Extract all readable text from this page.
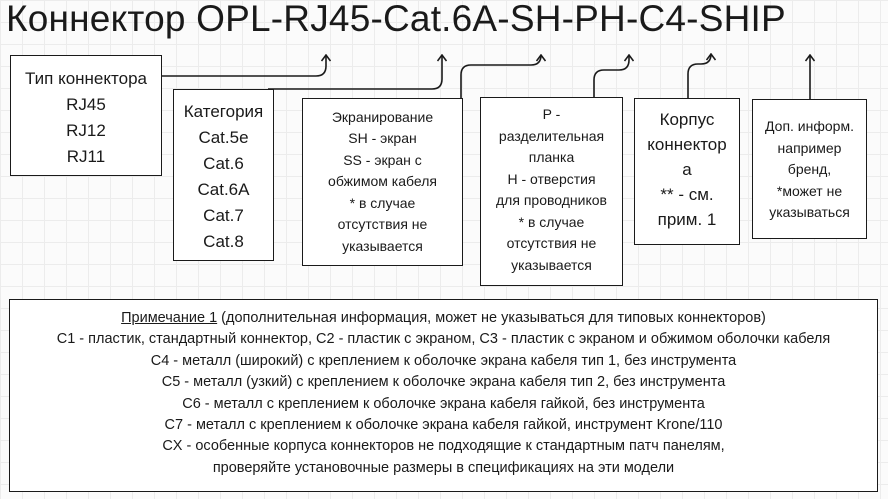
Коннектор OPL-RJ45-Cat.6A-SH-PH-C4-SHIP
Тип коннектора
RJ45
RJ12
RJ11
Категория
Cat.5e
Cat.6
Cat.6A
Cat.7
Cat.8
Экранирование
SH - экран
SS - экран с
обжимом кабеля
* в случае
отсутствия не
указывается
P -
разделительная
планка
H - отверстия
для проводников
* в случае
отсутствия не
указывается
Корпус
коннектор
а
** - см.
прим. 1
Доп. информ.
например
бренд,
*может не
указываться
Примечание 1 (дополнительная информация, может не указываться для типовых коннекторов)
C1 - пластик, стандартный коннектор, C2 - пластик с экраном, C3 - пластик с экраном и обжимом оболочки кабеля
C4 - металл (широкий) с креплением к оболочке экрана кабеля тип 1, без инструмента
C5 - металл (узкий) с креплением к оболочке экрана кабеля тип 2, без инструмента
C6 - металл с креплением к оболочке экрана кабеля гайкой, без инструмента
C7 - металл с креплением к оболочке экрана кабеля гайкой, инструмент Krone/110
CX - особенные корпуса коннекторов не подходящие к стандартным патч панелям,
проверяйте установочные размеры в спецификациях на эти модели
